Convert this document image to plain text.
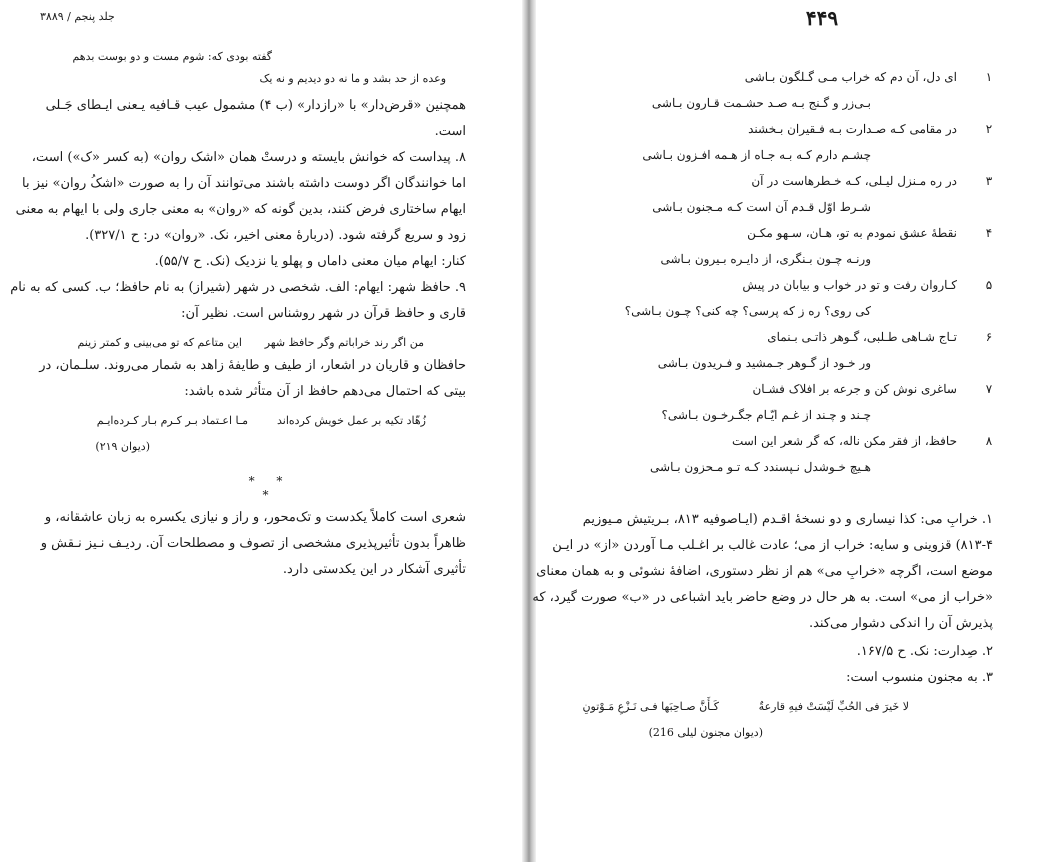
جلد پنجم / ۳۸۸۹
گفته بودی که: شوم مست و دو بوست بدهم
وعده از حد بشد و ما نه دو دیدیم و نه یک
همچنین «قرض‌دار» با «رازدار» (ب ۴) مشمول عیب قـافیه یـعنی ایـطای جَـلی
است.
۸. پیداست که خوانش بایسته و درستْ همان «اشک روان» (به کسر «ک») است،
اما خوانندگان اگر دوست داشته باشند می‌توانند آن را به صورت «اشکُ روان» نیز با
ایهام ساختاری فرض کنند، بدین گونه که «روان» به معنی جاری ولی با ایهام به معنی
زود و سریع گرفته شود. (دربارهٔ معنی اخیر، نک. «روان» در: ح ۳۲۷/۱).
کنار: ایهام میان معنی داماں و پهلو یا نزدیک (نک. ح ۵۵/۷).
۹. حافظ شهر: ایهام: الف. شخصی در شهر (شیراز) به نام حافظ؛ ب. کسی که به نام
قاری و حافظ قرآن در شهر روشناس است. نظیر آن:
من اگر رند خراباتم وگر حافظ شهر
این متاعم که تو می‌بینی و کمتر زینم
حافظان و قاریان در اشعار، از طیف و طایفهٔ زاهد به شمار می‌روند. سلـمان، در
بیتی که احتمال می‌دهم حافظ از آن متأثر شده باشد:
زُهّاد تکیه بر عمل خویش کرده‌اند
مـا اعـتماد بـر کـرم بـار کـرده‌ایـم
(دیوان ۲۱۹)
* * *
شعری است کاملاً یکدست و تک‌محور، و راز و نیازی یکسره به زبان عاشقانه، و
ظاهراً بدون تأثیرپذیری مشخصی از تصوف و مصطلحات آن. ردیـف نـیز نـقش و
تأثیری آشکار در این یکدستی دارد.
۴۴۹
۱
ای دل، آن دم که خراب مـی گـلگون بـاشی
بـی‌زر و گـنج بـه صـد حشـمت قـارون بـاشی
۲
در مقامی کـه صـدارت بـه فـقیران بـخشند
چشـم دارم کـه بـه جـاه از هـمه افـزون بـاشی
۳
در ره مـنزل لیـلی، کـه خـطرهاست در آن
شـرط اوّل قـدم آن است کـه مـجنون بـاشی
۴
نقطهٔ عشق نمودم به تو، هـان، سـهو مکـن
ورنـه چـون بـنگری، از دایـره بـیرون بـاشی
۵
کـاروان رفت و تو در خواب و بیابان در پیش
کی روی؟ ره ز که پرسی؟ چه کنی؟ چـون بـاشی؟
۶
تـاج شـاهی طـلبی، گـوهر ذاتـی بـنمای
ور خـود از گـوهر جـمشید و فـریدون بـاشی
۷
ساغری نوش کن و جرعه بر افلاک فشـان
چـند و چـند از غـم ایّـام جگـرخـون بـاشی؟
۸
حافظ، از فقر مکن ناله، که گر شعر این است
هـیچ خـوشدل نـپسندد کـه تـو مـحزون بـاشی
۱. خرابِ می: کذا نیساری و دو نسخهٔ اقـدم (ایـاصوفیه ۸۱۳، بـریتیش مـیوزیم
۸۱۳-۴) قزوینی و سایه: خراب از می؛ عادت غالب بر اغـلب مـا آوردن «از» در ایـن
موضع است، اگرچه «خرابِ می» هم از نظر دستوری، اضافهٔ نشوئی و به همان معنای
«خراب از می» است. به هر حال در وضع حاضر باید اشباعی در «ب» صورت گیرد، که
پذیرش آن را اندکی دشوار می‌کند.
۲. صِدارت: نک. ح ۱۶۷/۵.
۳. به مجنون منسوب است:
لا خَیرَ فی الحُبِّ لَیْسَتْ فیهِ قارعةٌ
کَـأَنَّ صـاحِبَها فـی نَـزْعِ مَـوْتونِ
(دیوان مجنون لیلی 216)
